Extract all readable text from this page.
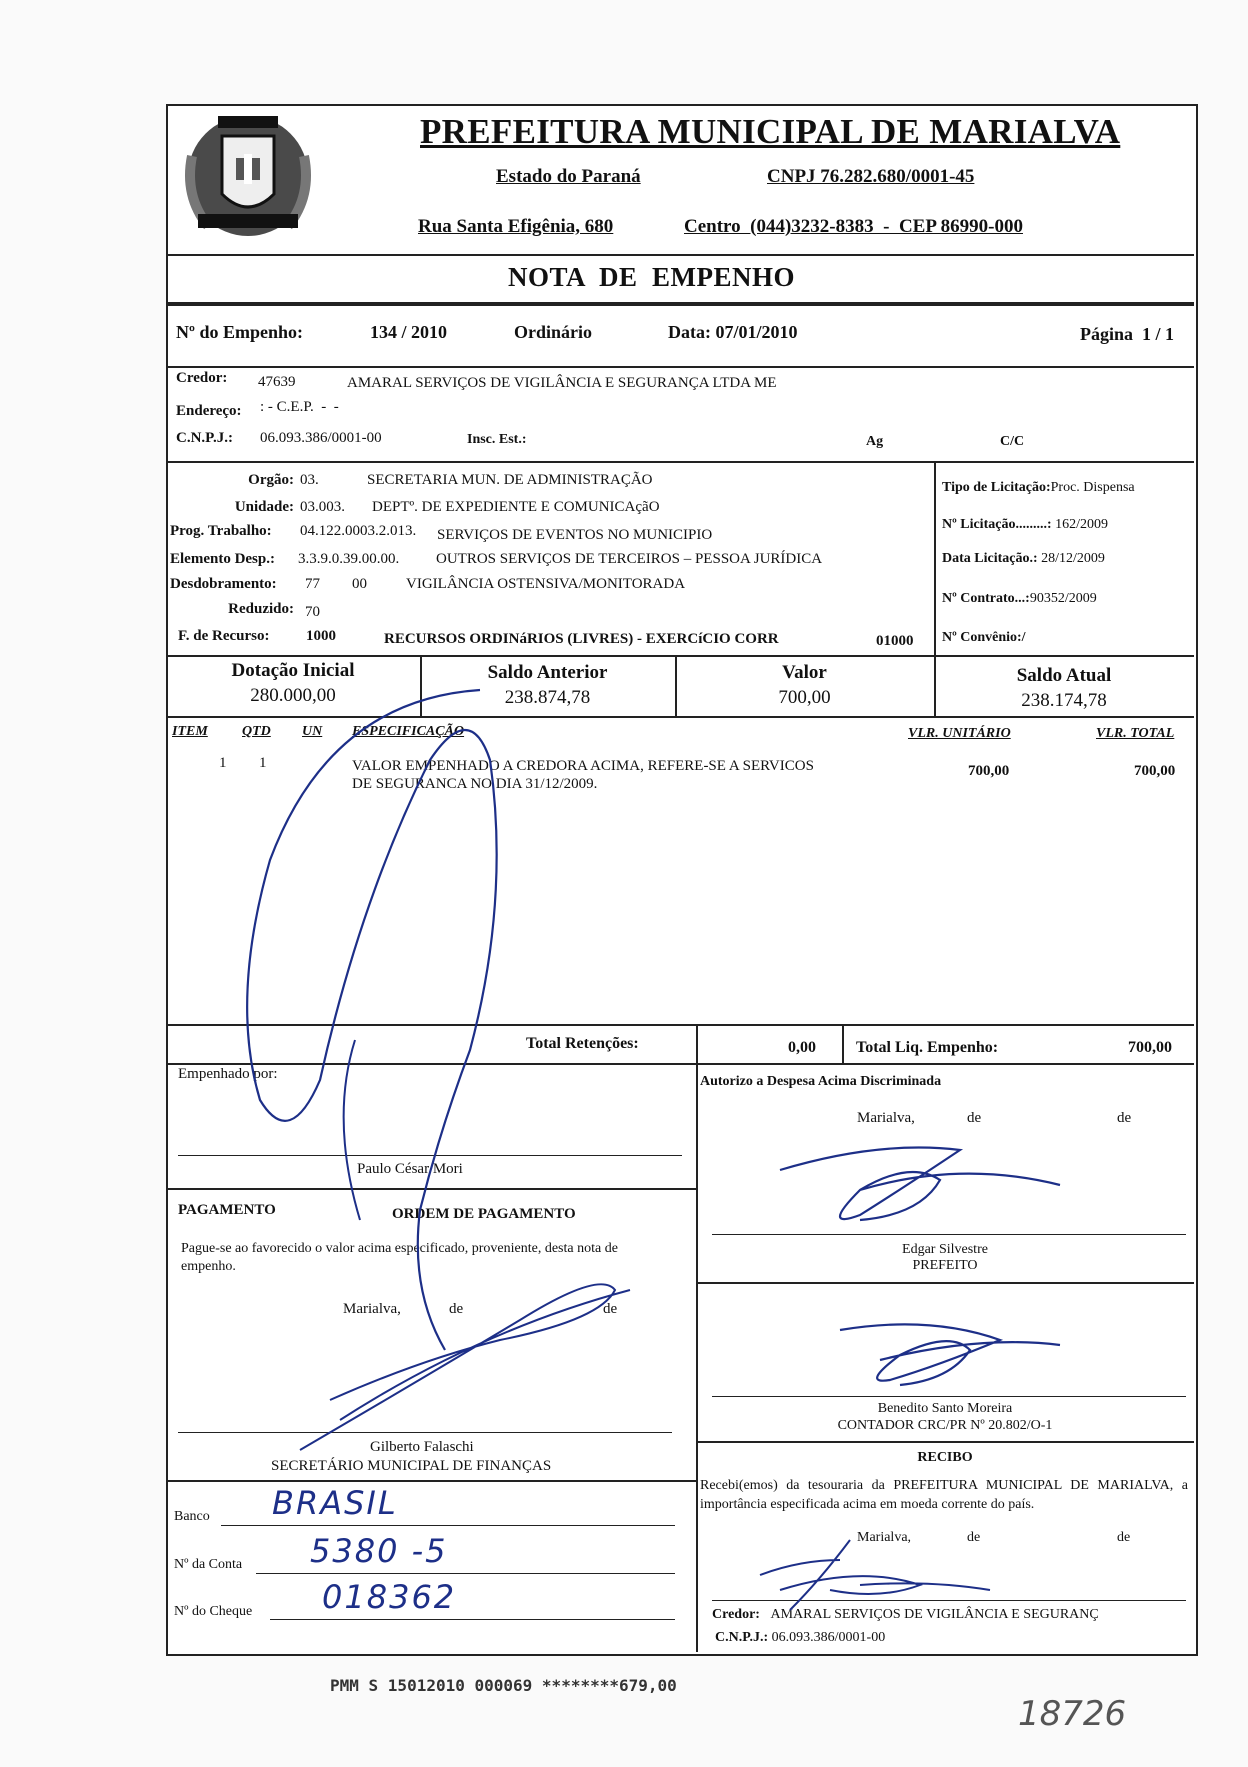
PREFEITURA MUNICIPAL DE MARIALVA
Estado do Paraná	CNPJ 76.282.680/0001-45
Rua Santa Efigênia, 680	Centro  (044)3232-8383  -  CEP 86990-000
NOTA  DE  EMPENHO
Nº do Empenho:	134 / 2010	Ordinário	Data: 07/01/2010	Página  1 / 1
Credor: 47639	AMARAL SERVIÇOS DE VIGILÂNCIA E SEGURANÇA LTDA ME
Endereço: : - C.E.P.  -  -
C.N.P.J.: 06.093.386/0001-00	Insc. Est.:	Ag	C/C
Orgão: 03.	SECRETARIA MUN. DE ADMINISTRAÇÃO
Unidade: 03.003. DEPTº. DE EXPEDIENTE E COMUNICAçãO
Prog. Trabalho: 04.122.0003.2.013. SERVIÇOS DE EVENTOS NO MUNICIPIO
Elemento Desp.: 3.3.9.0.39.00.00. OUTROS SERVIÇOS DE TERCEIROS – PESSOA JURÍDICA
Desdobramento: 77 00	VIGILÂNCIA OSTENSIVA/MONITORADA
Reduzido: 70
F. de Recurso: 1000	RECURSOS ORDINáRIOS (LIVRES) - EXERCíCIO CORR	01000
Tipo de Licitação:Proc. Dispensa
Nº Licitação.........: 162/2009
Data Licitação.: 28/12/2009
Nº Contrato...:90352/2009
Nº Convênio:/
Dotação Inicial
280.000,00
Saldo Anterior
238.874,78
Valor
700,00
Saldo Atual
238.174,78
ITEM QTD UN ESPECIFICAÇÃO	VLR. UNITÁRIO	VLR. TOTAL
1 1	VALOR EMPENHADO A CREDORA ACIMA, REFERE-SE A SERVICOS
DE SEGURANCA NO DIA 31/12/2009.
700,00	700,00
Total Retenções:	0,00	Total Liq. Empenho:	700,00
Empenhado por:
Paulo César Mori
PAGAMENTO	ORDEM DE PAGAMENTO
Pague-se ao favorecido o valor acima especificado, proveniente, desta nota de empenho.
Marialva,	de	de
Gilberto Falaschi
SECRETÁRIO MUNICIPAL DE FINANÇAS
Banco BRASIL
Nº da Conta 5380 -5
Nº do Cheque 018362
Autorizo a Despesa Acima Discriminada
Marialva,	de	de
Edgar Silvestre
PREFEITO
Benedito Santo Moreira
CONTADOR CRC/PR Nº 20.802/O-1
RECIBO
Recebi(emos) da tesouraria da PREFEITURA MUNICIPAL DE MARIALVA, a importância especificada acima em moeda corrente do país.
Marialva,	de	de
Credor: AMARAL SERVIÇOS DE VIGILÂNCIA E SEGURANÇ
C.N.P.J.: 06.093.386/0001-00
PMM S 15012010 000069 ********679,00
18726
